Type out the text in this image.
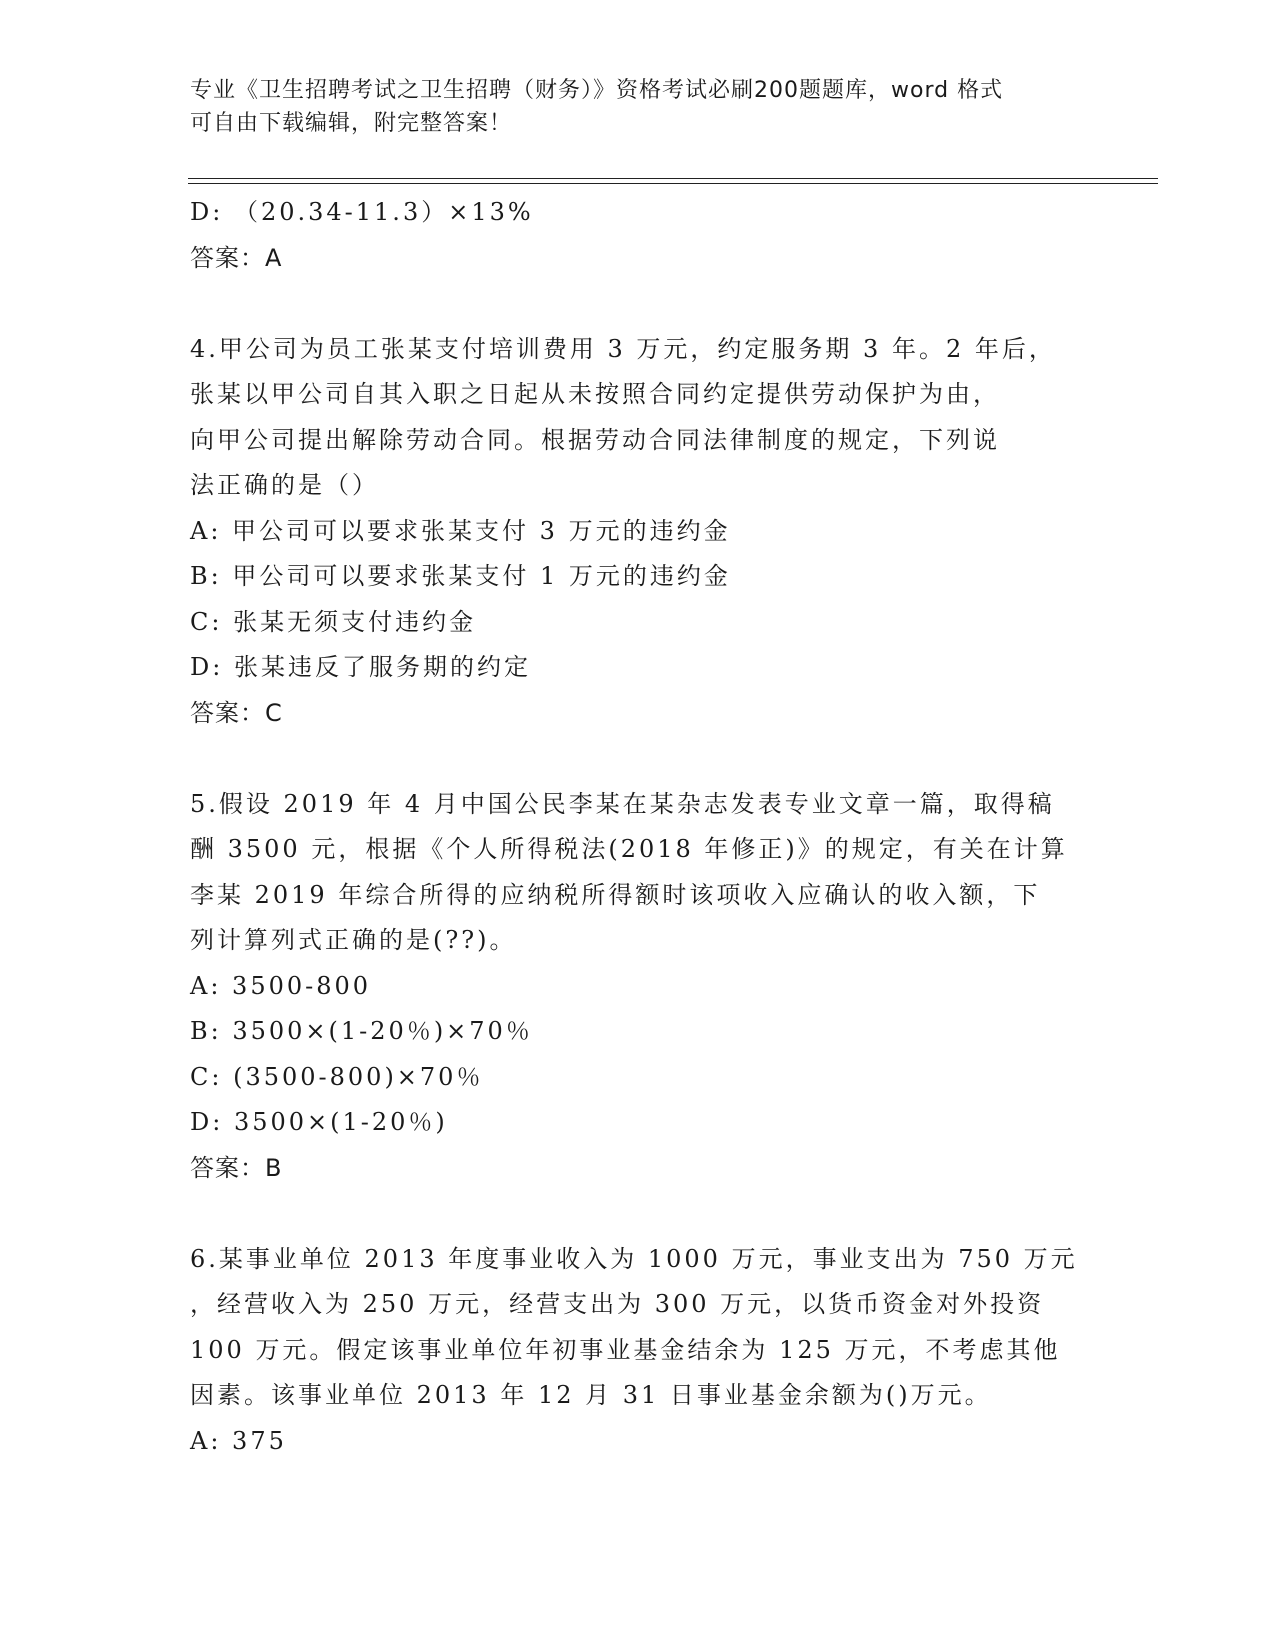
专业《卫生招聘考试之卫生招聘（财务）》资格考试必刷200题题库，word 格式
可自由下载编辑，附完整答案！
D: （20.34-11.3）×13%
答案：A
4.甲公司为员工张某支付培训费用 3 万元，约定服务期 3 年。2 年后，
张某以甲公司自其入职之日起从未按照合同约定提供劳动保护为由，
向甲公司提出解除劳动合同。根据劳动合同法律制度的规定，下列说
法正确的是（）
A: 甲公司可以要求张某支付 3 万元的违约金
B: 甲公司可以要求张某支付 1 万元的违约金
C: 张某无须支付违约金
D: 张某违反了服务期的约定
答案：C
5.假设 2019 年 4 月中国公民李某在某杂志发表专业文章一篇，取得稿
酬 3500 元，根据《个人所得税法(2018 年修正)》的规定，有关在计算
李某 2019 年综合所得的应纳税所得额时该项收入应确认的收入额，下
列计算列式正确的是(??)。
A: 3500-800
B: 3500×(1-20％)×70％
C: (3500-800)×70％
D: 3500×(1-20％)
答案：B
6.某事业单位 2013 年度事业收入为 1000 万元，事业支出为 750 万元
，经营收入为 250 万元，经营支出为 300 万元，以货币资金对外投资
100 万元。假定该事业单位年初事业基金结余为 125 万元，不考虑其他
因素。该事业单位 2013 年 12 月 31 日事业基金余额为()万元。
A: 375
